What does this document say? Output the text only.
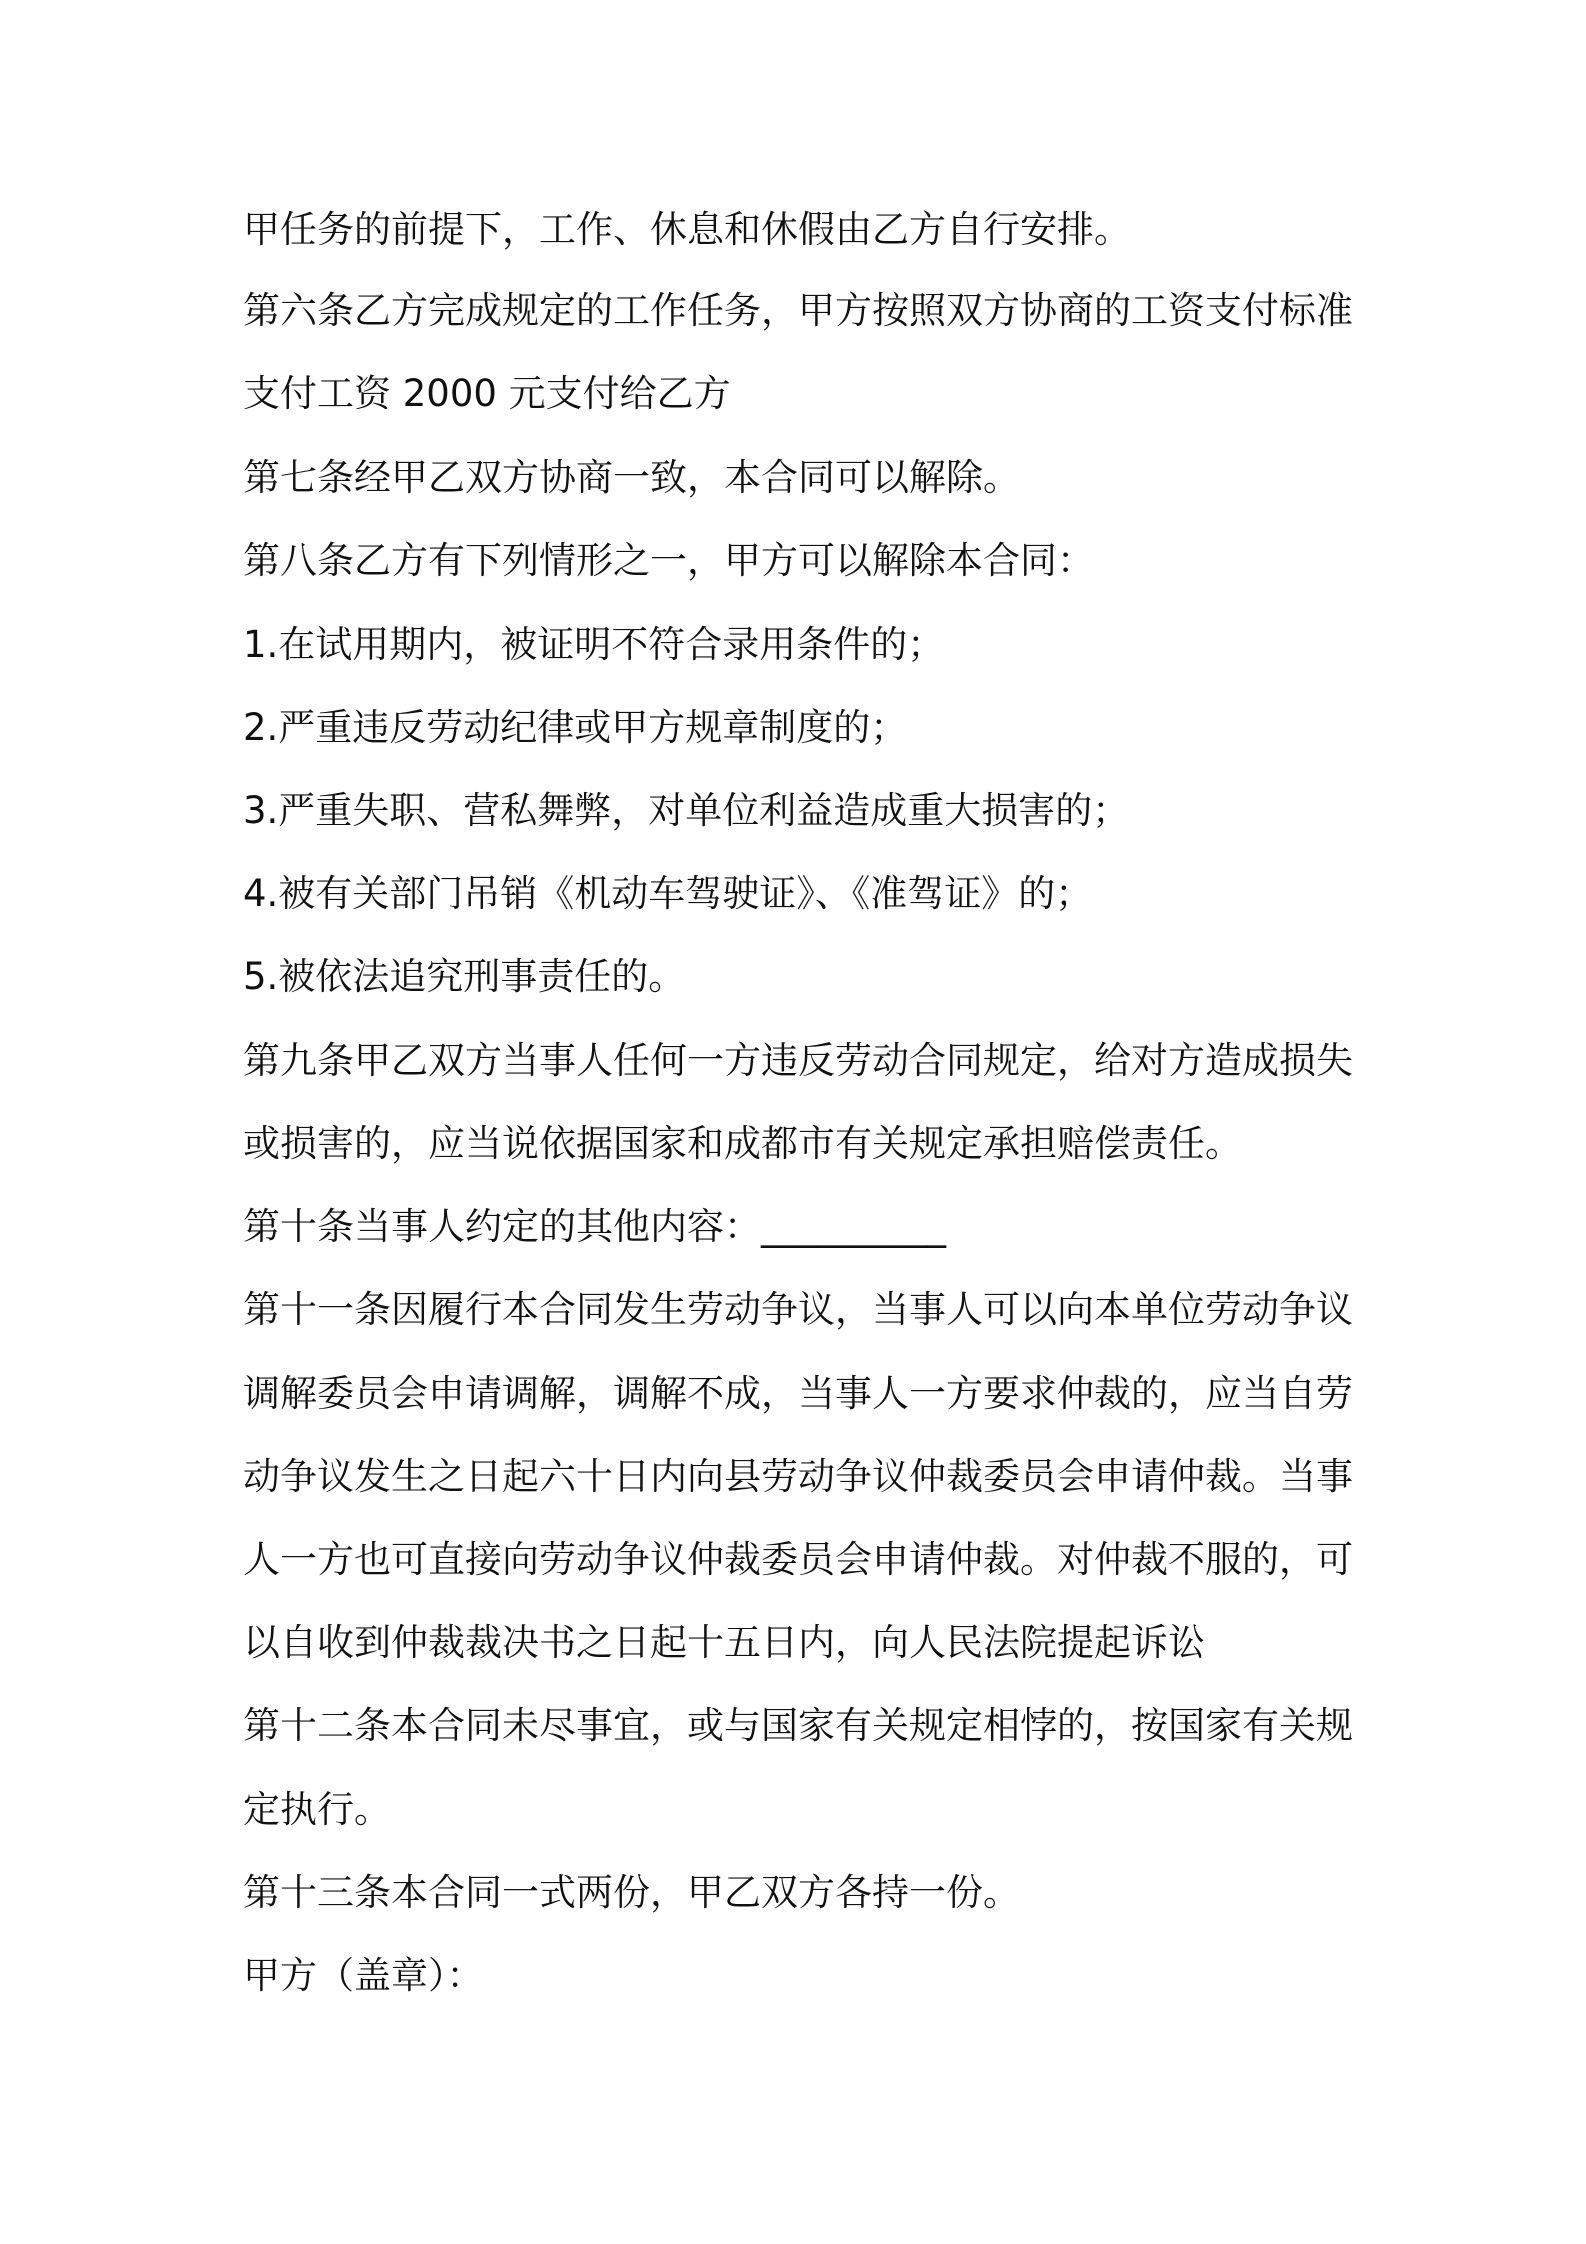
甲任务的前提下，工作、休息和休假由乙方自行安排。
第六条乙方完成规定的工作任务，甲方按照双方协商的工资支付标准
支付工资 2000 元支付给乙方
第七条经甲乙双方协商一致，本合同可以解除。
第八条乙方有下列情形之一，甲方可以解除本合同：
1.在试用期内，被证明不符合录用条件的；
2.严重违反劳动纪律或甲方规章制度的；
3.严重失职、营私舞弊，对单位利益造成重大损害的；
4.被有关部门吊销《机动车驾驶证》、《准驾证》的；
5.被依法追究刑事责任的。
第九条甲乙双方当事人任何一方违反劳动合同规定，给对方造成损失
或损害的，应当说依据国家和成都市有关规定承担赔偿责任。
第十条当事人约定的其他内容：__________
第十一条因履行本合同发生劳动争议，当事人可以向本单位劳动争议
调解委员会申请调解，调解不成，当事人一方要求仲裁的，应当自劳
动争议发生之日起六十日内向县劳动争议仲裁委员会申请仲裁。当事
人一方也可直接向劳动争议仲裁委员会申请仲裁。对仲裁不服的，可
以自收到仲裁裁决书之日起十五日内，向人民法院提起诉讼
第十二条本合同未尽事宜，或与国家有关规定相悖的，按国家有关规
定执行。
第十三条本合同一式两份，甲乙双方各持一份。
甲方（盖章）：
